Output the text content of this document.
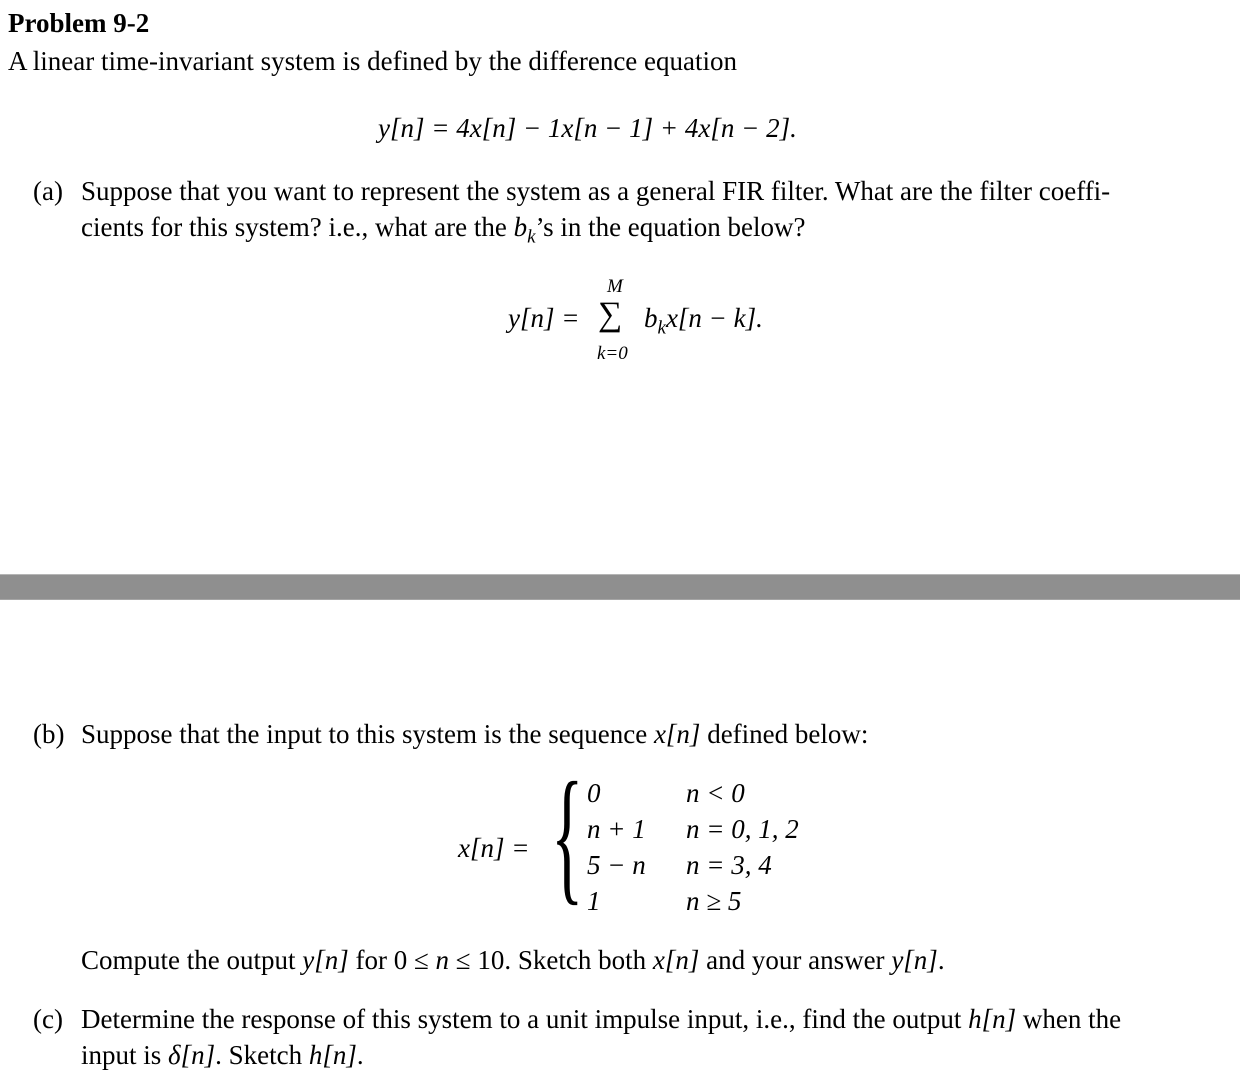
Problem 9-2
A linear time-invariant system is defined by the difference equation
y[n] = 4x[n] − 1x[n − 1] + 4x[n − 2].
(a) Suppose that you want to represent the system as a general FIR filter. What are the filter coeffi-
cients for this system? i.e., what are the $b_k’s$ in the equation below?
y[n] = ∑
M
k=0
$b_kx[n - k]$.
(b) Suppose that the input to this system is the sequence x[n] defined below:
x[n] = { 0	n < 0
n + 1 n = 0, 1, 2
5 − n n = 3, 4
1	n ≥ 5
Compute the output y[n] for 0 ≤ n ≤ 10. Sketch both x[n] and your answer y[n].
(c) Determine the response of this system to a unit impulse input, i.e., find the output h[n] when the
input is δ[n]. Sketch h[n].
